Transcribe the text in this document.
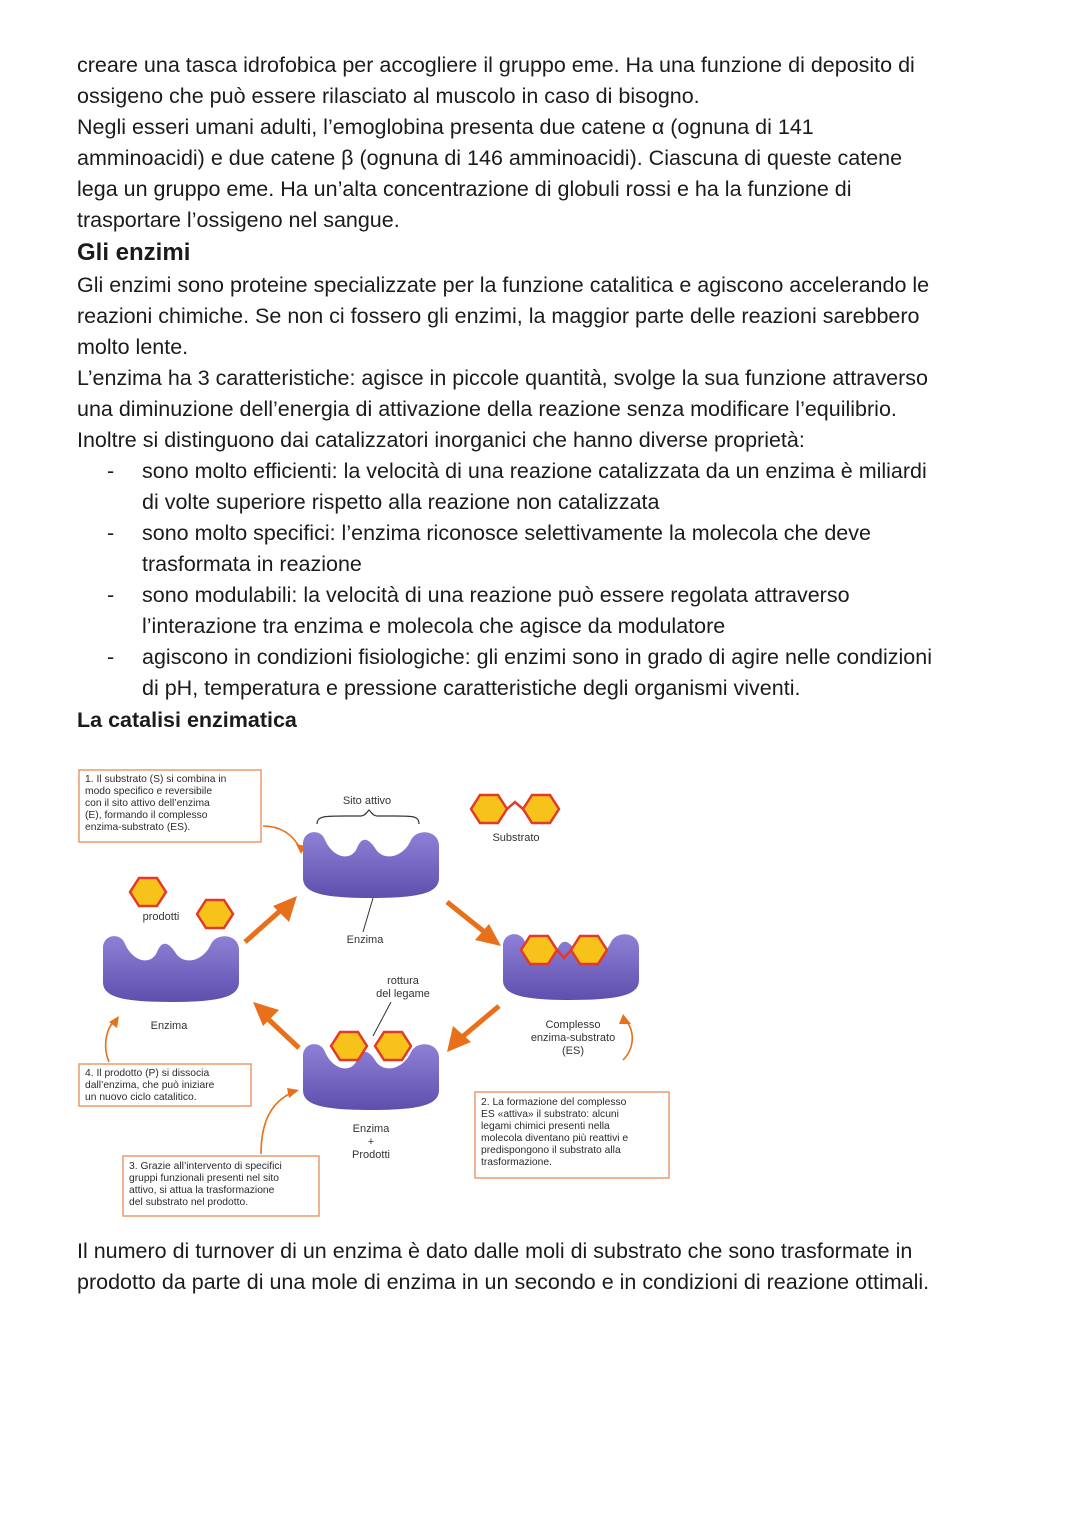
creare una tasca idrofobica per accogliere il gruppo eme. Ha una funzione di deposito di
ossigeno che può essere rilasciato al muscolo in caso di bisogno.
Negli esseri umani adulti, l’emoglobina presenta due catene α (ognuna di 141
amminoacidi) e due catene β (ognuna di 146 amminoacidi). Ciascuna di queste catene
lega un gruppo eme. Ha un’alta concentrazione di globuli rossi e ha la funzione di
trasportare l’ossigeno nel sangue.

Gli enzimi

Gli enzimi sono proteine specializzate per la funzione catalitica e agiscono accelerando le
reazioni chimiche. Se non ci fossero gli enzimi, la maggior parte delle reazioni sarebbero
molto lente.

L’enzima ha 3 caratteristiche: agisce in piccole quantità, svolge la sua funzione attraverso
una diminuzione dell’energia di attivazione della reazione senza modificare l’equilibrio.
Inoltre si distinguono dai catalizzatori inorganici che hanno diverse proprietà:

- sono molto efficienti: la velocità di una reazione catalizzata da un enzima è miliardi
di volte superiore rispetto alla reazione non catalizzata
- sono molto specifici: l’enzima riconosce selettivamente la molecola che deve
trasformata in reazione
- sono modulabili: la velocità di una reazione può essere regolata attraverso
l’interazione tra enzima e molecola che agisce da modulatore
- agiscono in condizioni fisiologiche: gli enzimi sono in grado di agire nelle condizioni
di pH, temperatura e pressione caratteristiche degli organismi viventi.
La catalisi enzimatica
1. Il substrato (S) si combina in
modo specifico e reversibile
con il sito attivo dell’enzima
(E), formando il complesso
enzima-substrato (ES).
Sito attivo
Enzima
Substrato
Complesso
enzima-substrato
(ES)
rottura
del legame
Enzima
+
Prodotti
Enzima
prodotti
4. Il prodotto (P) si dissocia
dall’enzima, che può iniziare
un nuovo ciclo catalitico.
3. Grazie all’intervento di specifici
gruppi funzionali presenti nel sito
attivo, si attua la trasformazione
del substrato nel prodotto.
2. La formazione del complesso
ES «attiva» il substrato: alcuni
legami chimici presenti nella
molecola diventano più reattivi e
predispongono il substrato alla
trasformazione.

Il numero di turnover di un enzima è dato dalle moli di substrato che sono trasformate in
prodotto da parte di una mole di enzima in un secondo e in condizioni di reazione ottimali.
